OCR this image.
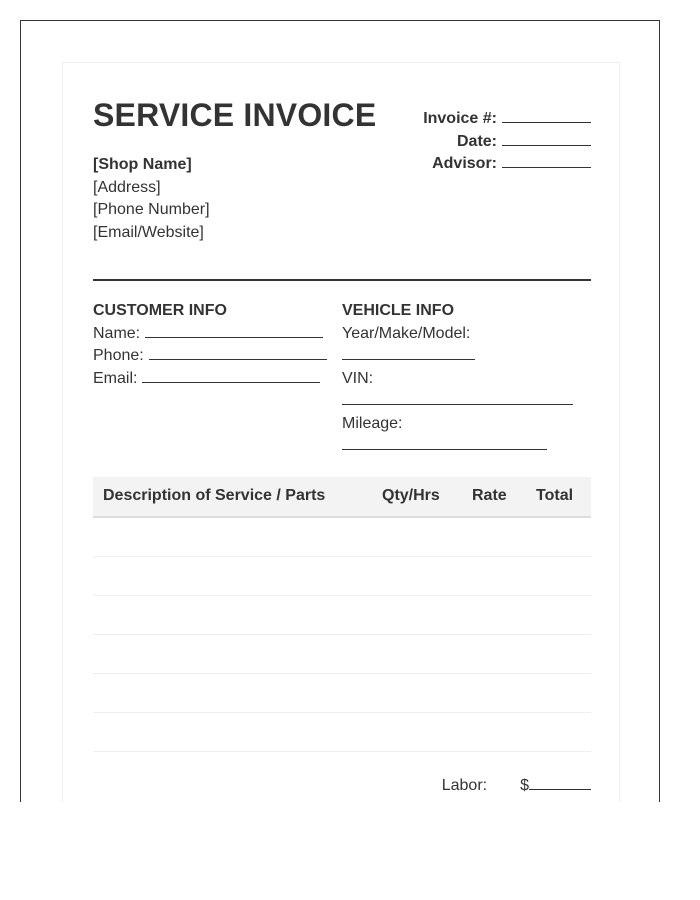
SERVICE INVOICE
[Shop Name]
[Address]
[Phone Number]
[Email/Website]
Invoice #:
Date:
Advisor:
CUSTOMER INFO
Name:
Phone:
Email:
VEHICLE INFO
Year/Make/Model:
VIN:
Mileage:
Description of Service / Parts	Qty/Hrs Rate Total
Labor: $
